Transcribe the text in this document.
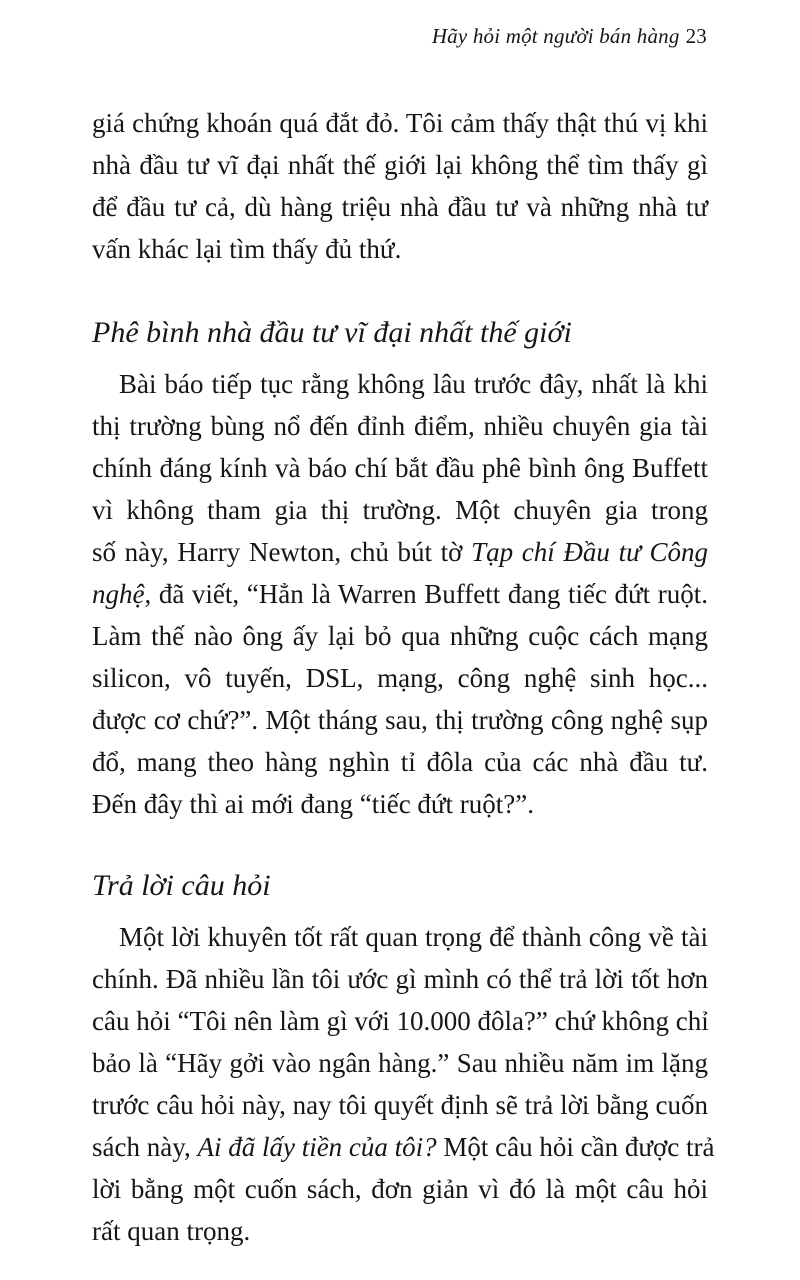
Hãy hỏi một người bán hàng 23
giá chứng khoán quá đắt đỏ. Tôi cảm thấy thật thú vị khi
nhà đầu tư vĩ đại nhất thế giới lại không thể tìm thấy gì
để đầu tư cả, dù hàng triệu nhà đầu tư và những nhà tư
vấn khác lại tìm thấy đủ thứ.
Phê bình nhà đầu tư vĩ đại nhất thế giới
Bài báo tiếp tục rằng không lâu trước đây, nhất là khi
thị trường bùng nổ đến đỉnh điểm, nhiều chuyên gia tài
chính đáng kính và báo chí bắt đầu phê bình ông Buffett
vì không tham gia thị trường. Một chuyên gia trong
số này, Harry Newton, chủ bút tờ Tạp chí Đầu tư Công
nghệ, đã viết, “Hẳn là Warren Buffett đang tiếc đứt ruột.
Làm thế nào ông ấy lại bỏ qua những cuộc cách mạng
silicon, vô tuyến, DSL, mạng, công nghệ sinh học...
được cơ chứ?”. Một tháng sau, thị trường công nghệ sụp
đổ, mang theo hàng nghìn tỉ đôla của các nhà đầu tư.
Đến đây thì ai mới đang “tiếc đứt ruột?”.
Trả lời câu hỏi
Một lời khuyên tốt rất quan trọng để thành công về tài
chính. Đã nhiều lần tôi ước gì mình có thể trả lời tốt hơn
câu hỏi “Tôi nên làm gì với 10.000 đôla?” chứ không chỉ
bảo là “Hãy gởi vào ngân hàng.” Sau nhiều năm im lặng
trước câu hỏi này, nay tôi quyết định sẽ trả lời bằng cuốn
sách này, Ai đã lấy tiền của tôi? Một câu hỏi cần được trả
lời bằng một cuốn sách, đơn giản vì đó là một câu hỏi
rất quan trọng.
